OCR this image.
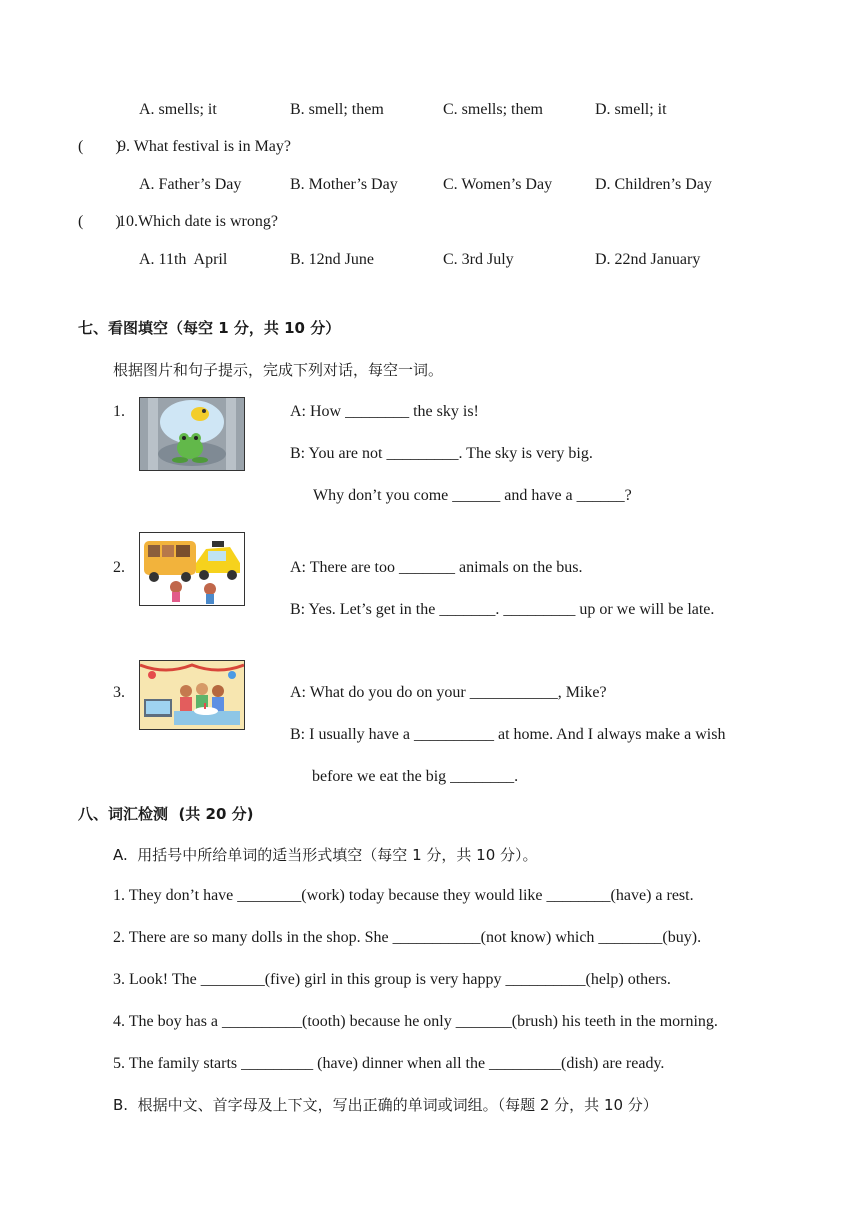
A. smells; it	B. smell; them	C. smells; them	D. smell; it
(        )
9. What festival is in May?
A. Father’s Day	B. Mother’s Day	C. Women’s Day	D. Children’s Day
(        )
10.Which date is wrong?
A. 11th  April	B. 12nd June	C. 3rd July	D. 22nd January
七、看图填空（每空 1 分，共 10 分）
根据图片和句子提示，完成下列对话，每空一词。
1.	A: How ________ the sky is!
B: You are not _________. The sky is very big.
Why don’t you come ______ and have a ______?
2.	A: There are too _______ animals on the bus.
B: Yes. Let’s get in the _______. _________ up or we will be late.
3.	A: What do you do on your ___________, Mike?
B: I usually have a __________ at home. And I always make a wish
before we eat the big ________.
八、词汇检测  (共 20 分)
A.  用括号中所给单词的适当形式填空（每空 1 分，共 10 分）。
1. They don’t have ________(work) today because they would like ________(have) a rest.
2. There are so many dolls in the shop. She ___________(not know) which ________(buy).
3. Look! The ________(five) girl in this group is very happy __________(help) others.
4. The boy has a __________(tooth) because he only _______(brush) his teeth in the morning.
5. The family starts _________ (have) dinner when all the _________(dish) are ready.
B.  根据中文、首字母及上下文，写出正确的单词或词组。（每题 2 分，共 10 分）
